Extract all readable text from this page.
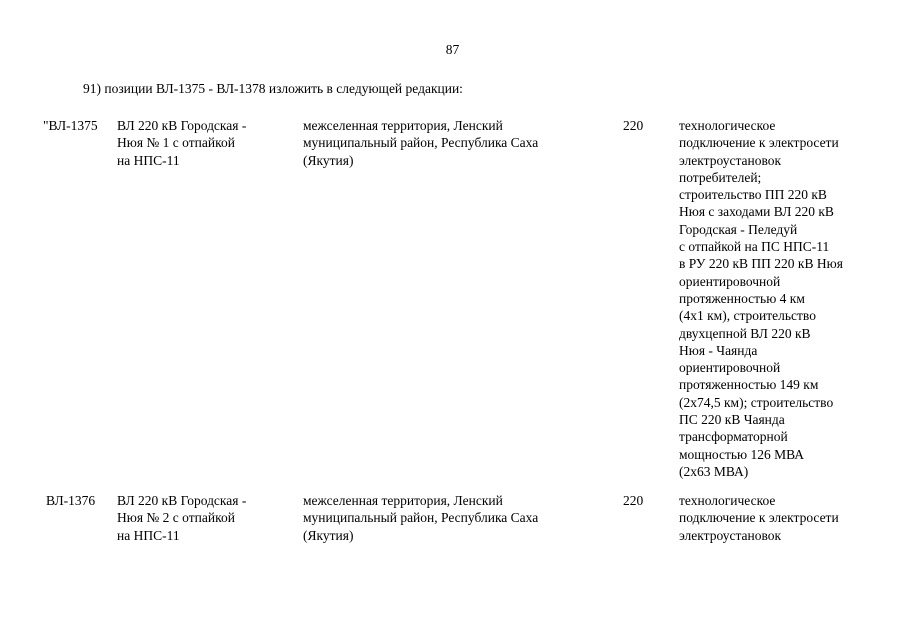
87
91) позиции ВЛ-1375 - ВЛ-1378 изложить в следующей редакции:
"ВЛ-1375 ВЛ 220 кВ Городская -
Нюя № 1 с отпайкой
на НПС-11
межселенная территория, Ленский
муниципальный район, Республика Саха
(Якутия)
220	технологическое
подключение к электросети
электроустановок
потребителей;
строительство ПП 220 кВ
Нюя с заходами ВЛ 220 кВ
Городская - Пеледуй
с отпайкой на ПС НПС-11
в РУ 220 кВ ПП 220 кВ Нюя
ориентировочной
протяженностью 4 км
(4x1 км), строительство
двухцепной ВЛ 220 кВ
Нюя - Чаянда
ориентировочной
протяженностью 149 км
(2x74,5 км); строительство
ПС 220 кВ Чаянда
трансформаторной
мощностью 126 МВА
(2x63 МВА)
ВЛ-1376 ВЛ 220 кВ Городская -
Нюя № 2 с отпайкой
на НПС-11
межселенная территория, Ленский
муниципальный район, Республика Саха
(Якутия)
220	технологическое
подключение к электросети
электроустановок
